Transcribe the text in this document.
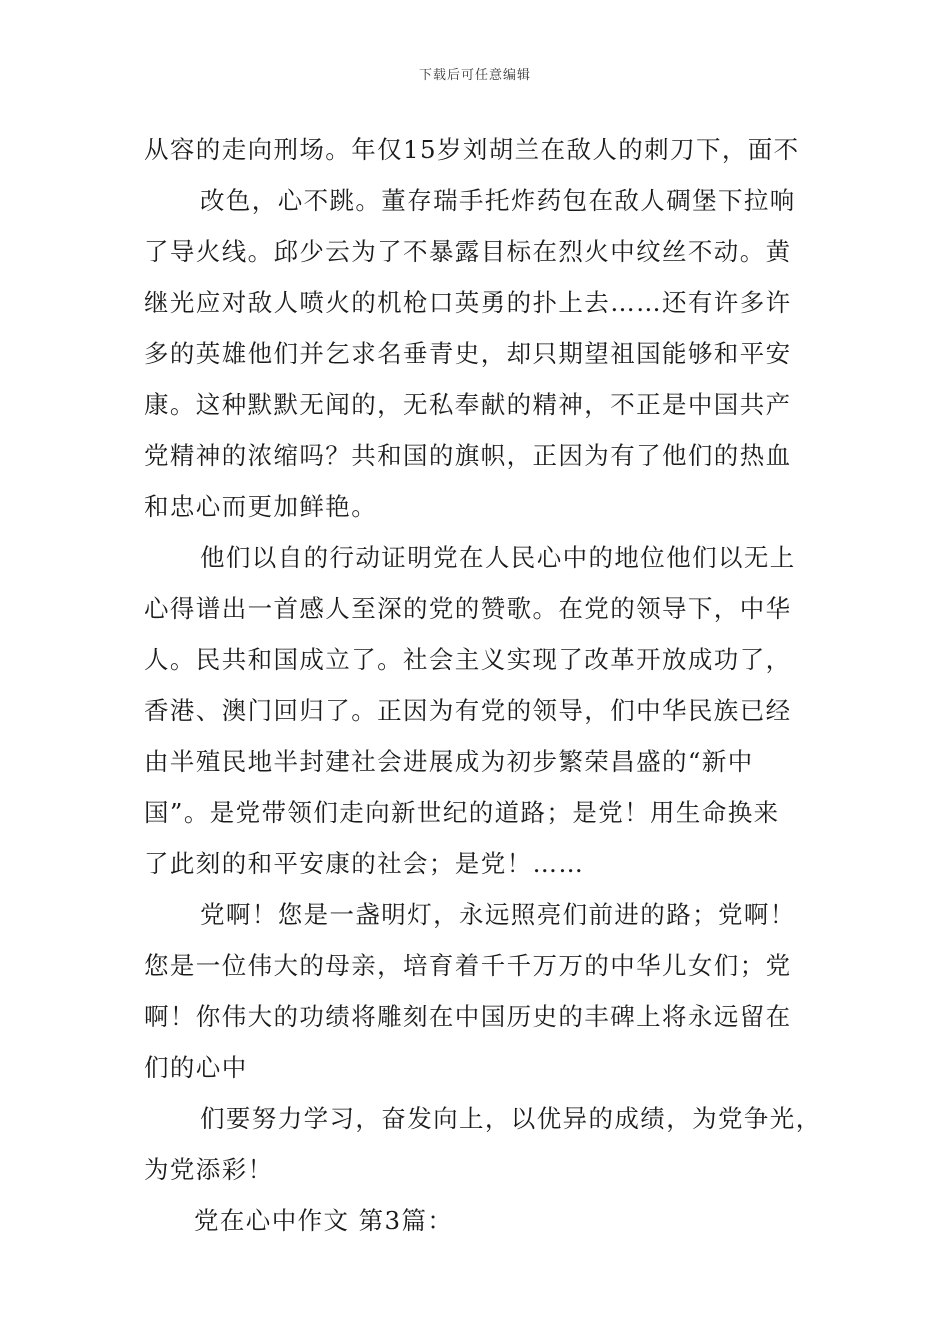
下载后可任意编辑
从容的走向刑场。年仅15岁刘胡兰在敌人的刺刀下，面不
改色，心不跳。董存瑞手托炸药包在敌人碉堡下拉响
了导火线。邱少云为了不暴露目标在烈火中纹丝不动。黄
继光应对敌人喷火的机枪口英勇的扑上去……还有许多许
多的英雄他们并乞求名垂青史，却只期望祖国能够和平安
康。这种默默无闻的，无私奉献的精神，不正是中国共产
党精神的浓缩吗？共和国的旗帜，正因为有了他们的热血
和忠心而更加鲜艳。
他们以自的行动证明党在人民心中的地位他们以无上
心得谱出一首感人至深的党的赞歌。在党的领导下，中华
人。民共和国成立了。社会主义实现了改革开放成功了，
香港、澳门回归了。正因为有党的领导，们中华民族已经
由半殖民地半封建社会进展成为初步繁荣昌盛的“新中
国”。是党带领们走向新世纪的道路；是党！用生命换来
了此刻的和平安康的社会；是党！……
党啊！您是一盏明灯，永远照亮们前进的路；党啊！
您是一位伟大的母亲，培育着千千万万的中华儿女们；党
啊！你伟大的功绩将雕刻在中国历史的丰碑上将永远留在
们的心中
们要努力学习，奋发向上，以优异的成绩，为党争光，
为党添彩！
党在心中作文 第3篇：
